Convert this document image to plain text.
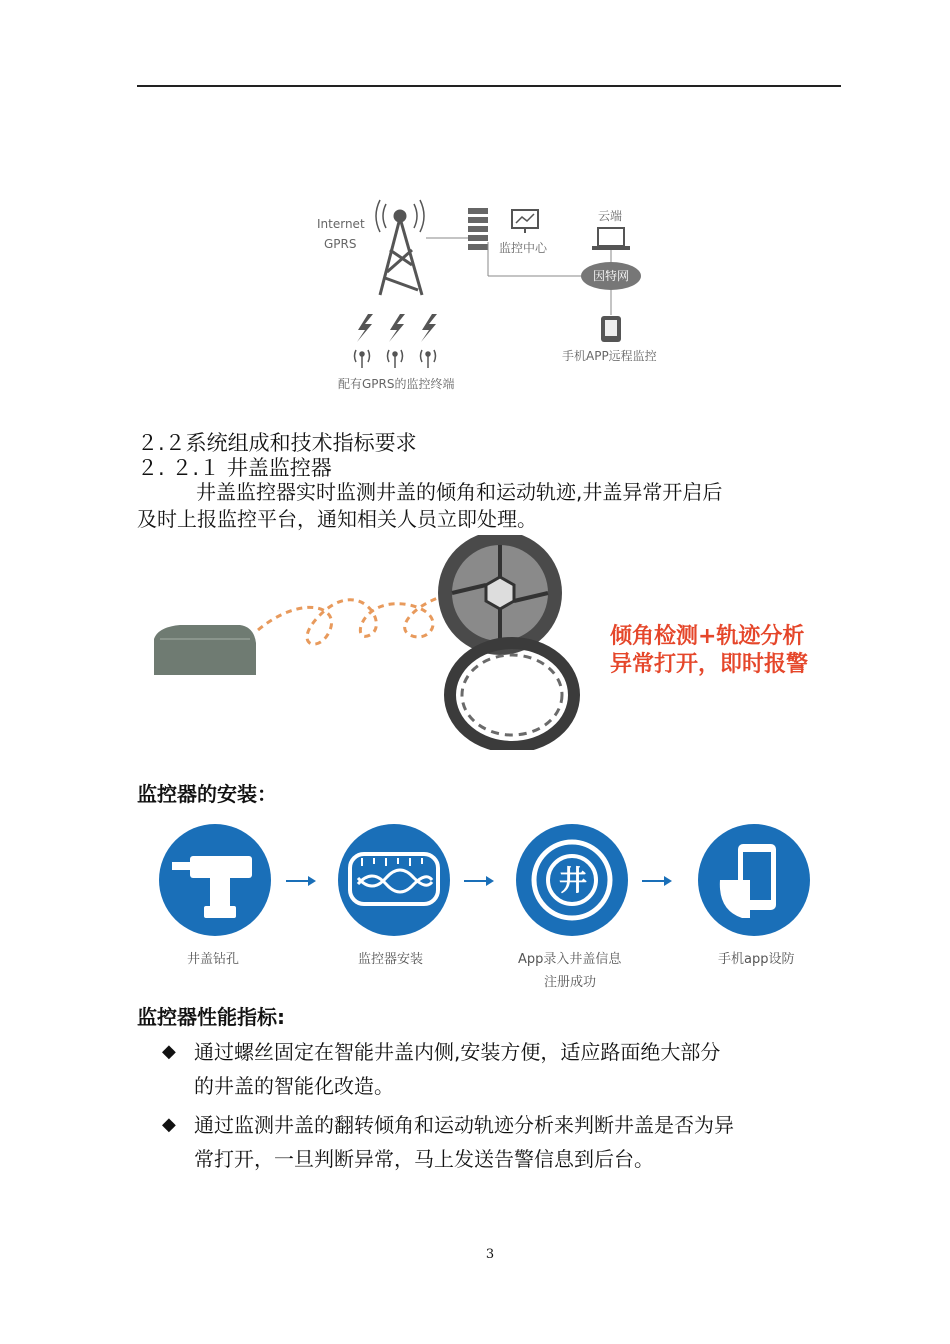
Internet
GPRS	监控中心
云端
因特网
手机APP远程监控
配有GPRS的监控终端
２.２系统组成和技术指标要求
２. ２.１ 井盖监控器
井盖监控器实时监测井盖的倾角和运动轨迹,井盖异常开启后
及时上报监控平台，通知相关人员立即处理。
倾角检测+轨迹分析
异常打开，即时报警
监控器的安装：
井
井盖钻孔	监控器安装	App录入井盖信息
注册成功
手机app设防
监控器性能指标:
◆ 通过螺丝固定在智能井盖内侧,安装方便，适应路面绝大部分
的井盖的智能化改造。
◆ 通过监测井盖的翻转倾角和运动轨迹分析来判断井盖是否为异
常打开，一旦判断异常，马上发送告警信息到后台。
3
